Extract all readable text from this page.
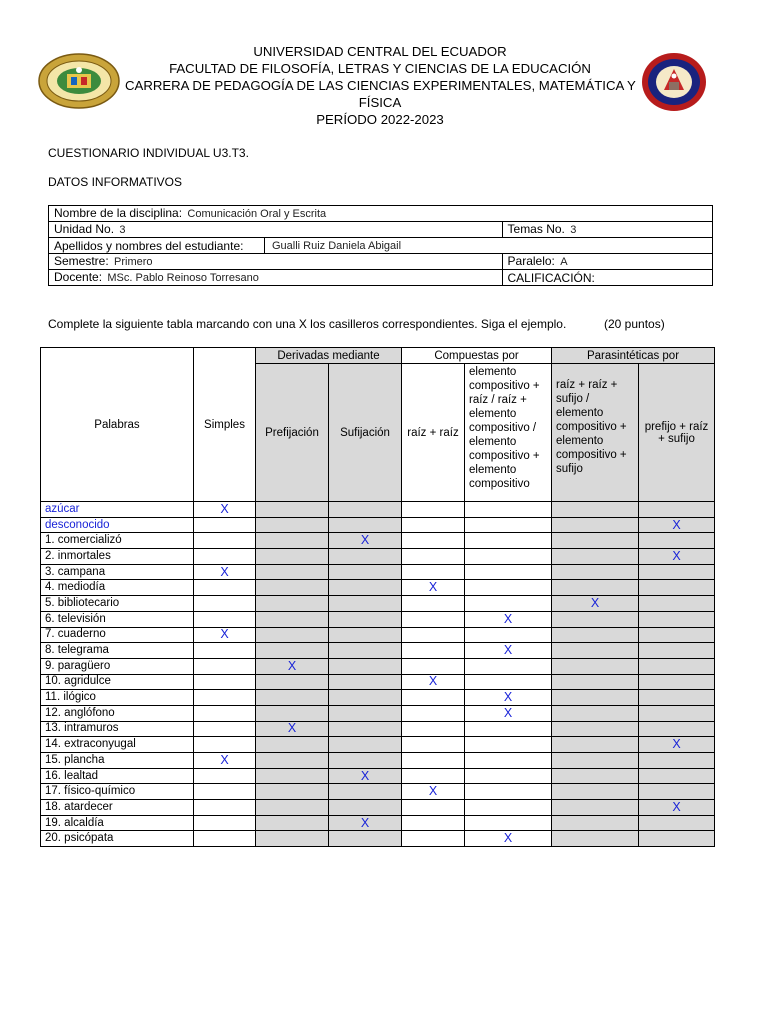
UNIVERSIDAD CENTRAL DEL ECUADOR
FACULTAD DE FILOSOFÍA, LETRAS Y CIENCIAS DE LA EDUCACIÓN
CARRERA DE PEDAGOGÍA DE LAS CIENCIAS EXPERIMENTALES, MATEMÁTICA Y
FÍSICA
PERÍODO 2022-2023
CUESTIONARIO INDIVIDUAL U3.T3.
DATOS INFORMATIVOS
Nombre de la disciplina: Comunicación Oral y Escrita		
Unidad No. 3		Temas No. 3
Apellidos y nombres del estudiante:	Gualli Ruiz Daniela Abigail	
Semestre: Primero		Paralelo: A
Docente: MSc. Pablo Reinoso Torresano		CALIFICACIÓN:
Complete la siguiente tabla marcando con una X los casilleros correspondientes. Siga el ejemplo.	(20 puntos)
Palabras	Simples	Derivadas mediante		Compuestas por		Parasintéticas por	
		Prefijación	Sufijación	raíz + raíz	elemento compositivo + raíz / raíz + elemento compositivo / elemento compositivo + elemento compositivo	raíz + raíz + sufijo / elemento compositivo + elemento compositivo + sufijo	prefijo + raíz + sufijo
azúcar	X						
desconocido							X
1. comercializó			X				
2. inmortales							X
3. campana	X						
4. mediodía				X			
5. bibliotecario						X	
6. televisión					X		
7. cuaderno	X						
8. telegrama					X		
9. paragüero		X					
10. agridulce				X			
11. ilógico					X		
12. anglófono					X		
13. intramuros		X					
14. extraconyugal							X
15. plancha	X						
16. lealtad			X				
17. físico-químico				X			
18. atardecer							X
19. alcaldía			X				
20. psicópata					X		
